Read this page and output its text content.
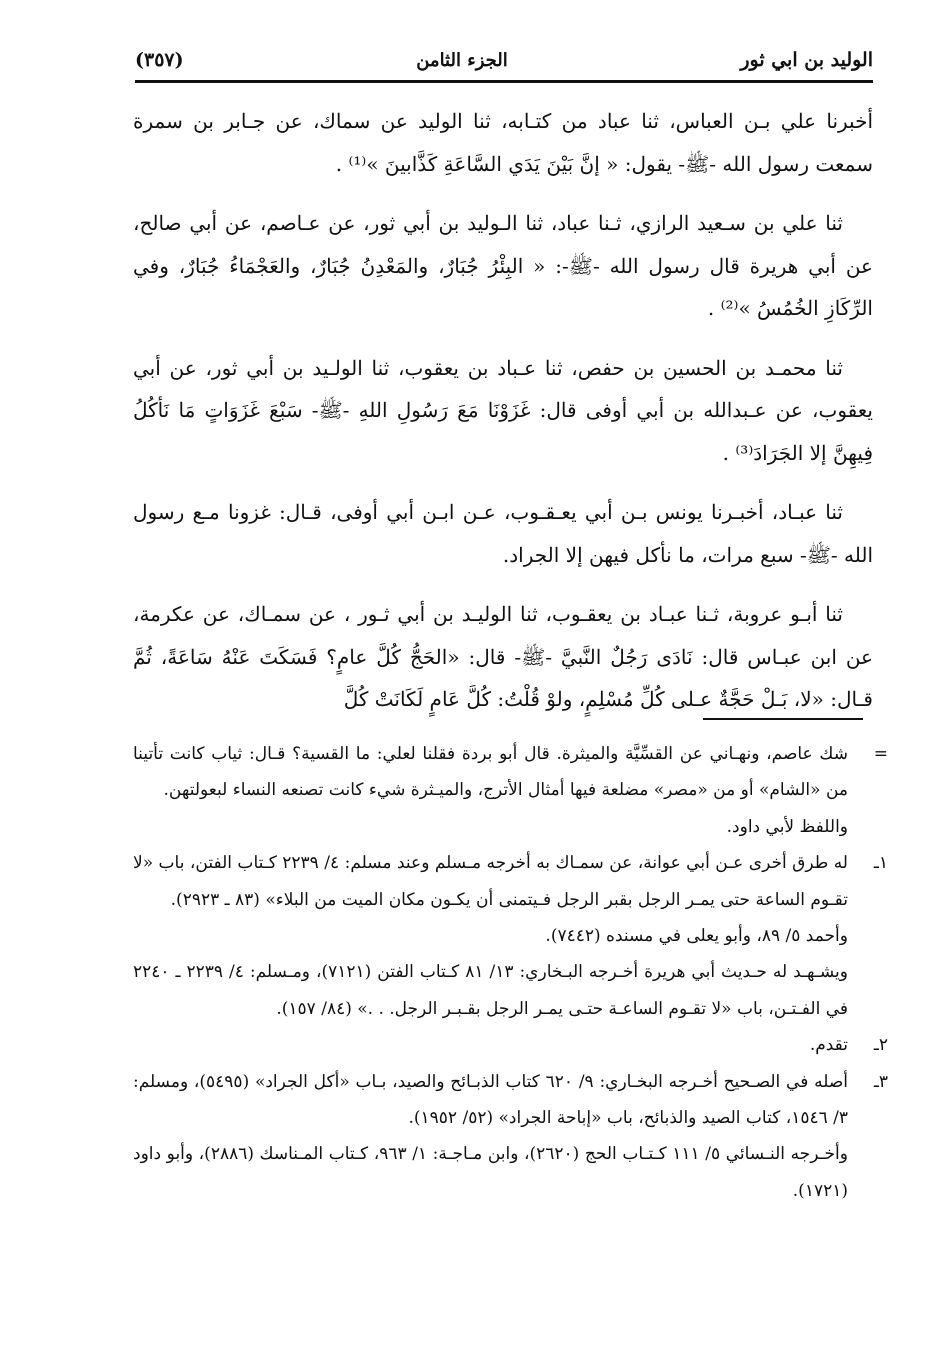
الوليد بن ابي ثور
الجزء الثامن
(٣٥٧)

أخبرنا علي بـن العباس، ثنا عباد من كتـابه، ثنا الوليد عن سماك، عن جـابر بن سمرة سمعت رسول الله -ﷺ- يقول: « إنَّ بَيْنَ يَدَي السَّاعَةِ كَذَّابينَ »⁽¹⁾ .

ثنا علي بن سـعيد الرازي، ثـنا عباد، ثنا الـوليد بن أبي ثور، عن عـاصم، عن أبي صالح، عن أبي هريرة قال رسول الله -ﷺ-: « البِئْرُ جُبَارٌ، والمَعْدِنُ جُبَارٌ، والعَجْمَاءُ جُبَارٌ، وفي الرِّكَازِ الخُمُسُ »⁽²⁾ .

ثنا محمـد بن الحسين بن حفص، ثنا عـباد بن يعقوب، ثنا الولـيد بن أبي ثور، عن أبي يعقوب، عن عـبدالله بن أبي أوفى قال: غَزَوْنَا مَعَ رَسُولِ اللهِ -ﷺ- سَبْعَ غَزَوَاتٍ مَا نَأكُلُ فِيهِنَّ إلا الجَرَادَ⁽³⁾ .

ثنا عبـاد، أخبـرنا يونس بـن أبي يعـقـوب، عـن ابـن أبي أوفى، قـال: غزونا مـع رسول الله -ﷺ- سبع مرات، ما نأكل فيهن إلا الجراد.

ثنا أبـو عروبة، ثـنا عبـاد بن يعقـوب، ثنا الوليـد بن أبي ثـور ، عن سمـاك، عن عكرمة، عن ابن عبـاس قال: نَادَى رَجُلٌ النَّبيَّ -ﷺ- قال: «الحَجُّ كُلَّ عامٍ؟ فَسَكَتَ عَنْهُ سَاعَةً، ثُمَّ قـال: «لا، بَـلْ حَجَّةٌ عـلى كُلِّ مُسْلِمٍ، ولوْ قُلْتُ: كُلَّ عَامٍ لَكَانَتْ كُلَّ

=

شك عاصم، ونهـاني عن القسِّيَّة والميثرة. قال أبو بردة فقلنا لعلي: ما القسية؟ قـال: ثياب كانت تأتينا من «الشام» أو من «مصر» مضلعة فيها أمثال الأترج، والميـثرة شيء كانت تصنعه النساء لبعولتهن.

واللفظ لأبي داود.

١ـ

له طرق أخرى عـن أبي عوانة، عن سمـاك به أخرجه مـسلم وعند مسلم: ٤/ ٢٢٣٩ كـتاب الفتن، باب «لا تقـوم الساعة حتى يمـر الرجل بقبر الرجل فـيتمنى أن يكـون مكان الميت من البلاء» (٨٣ ـ ٢٩٢٣).

وأحمد ٥/ ٨٩، وأبو يعلى في مسنده (٧٤٤٢).

ويشـهـد له حـديث أبي هريرة أخـرجه البـخاري: ١٣/ ٨١ كـتاب الفتن (٧١٢١)، ومـسلم: ٤/ ٢٢٣٩ ـ ٢٢٤٠ في الفـتـن، باب «لا تقـوم الساعـة حتـى يمـر الرجل بقـبـر الرجل. . .» (٨٤/ ١٥٧).

٢ـ

تقدم.

٣ـ

أصله في الصـحيح أخـرجه البخـاري: ٩/ ٦٢٠ كتاب الذبـائح والصيد، بـاب «أكل الجراد» (٥٤٩٥)، ومسلم: ٣/ ١٥٤٦، كتاب الصيد والذبائح، باب «إباحة الجراد» (٥٢/ ١٩٥٢).

وأخـرجه النـسائي ٥/ ١١١ كـتـاب الحج (٢٦٢٠)، وابن مـاجـة: ١/ ٩٦٣، كـتاب المـناسك (٢٨٨٦)، وأبو داود (١٧٢١).
